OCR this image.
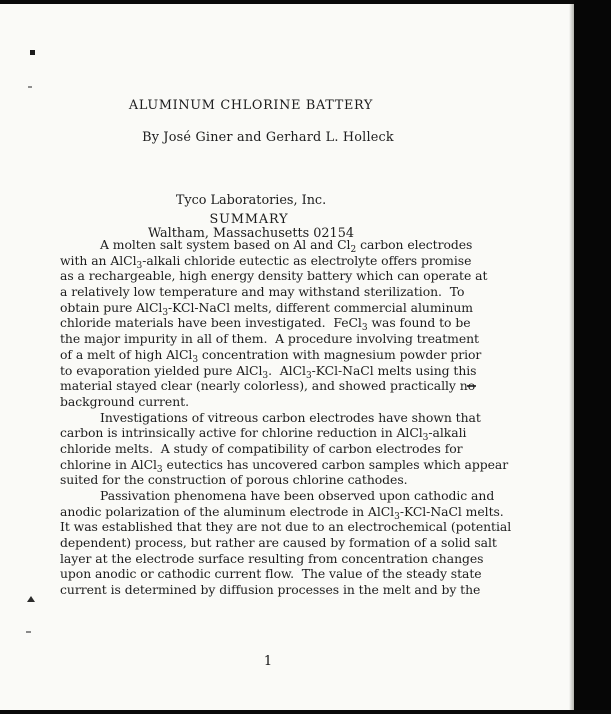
ALUMINUM CHLORINE BATTERY
By José Giner and Gerhard L. Holleck

Tyco Laboratories, Inc.

Waltham, Massachusetts 02154

SUMMARY
A molten salt system based on Al and $Cl_2$ carbon electrodes
with an AlCl$_3$-alkali chloride eutectic as electrolyte offers promise
as a rechargeable, high energy density battery which can operate at
a relatively low temperature and may withstand sterilization.  To
obtain pure AlCl$_3$-KCl-NaCl melts, different commercial aluminum
chloride materials have been investigated.  FeCl$_3$ was found to be
the major impurity in all of them.  A procedure involving treatment
of a melt of high AlCl$_3$ concentration with magnesium powder prior
to evaporation yielded pure AlCl$_3$.  AlCl$_3$-KCl-NaCl melts using this
material stayed clear (nearly colorless), and showed practically no
background current.
Investigations of vitreous carbon electrodes have shown that
carbon is intrinsically active for chlorine reduction in AlCl$_3$-alkali
chloride melts.  A study of compatibility of carbon electrodes for
chlorine in AlCl$_3$ eutectics has uncovered carbon samples which appear
suited for the construction of porous chlorine cathodes.
Passivation phenomena have been observed upon cathodic and
anodic polarization of the aluminum electrode in AlCl$_3$-KCl-NaCl melts.
It was established that they are not due to an electrochemical (potential
dependent) process, but rather are caused by formation of a solid salt
layer at the electrode surface resulting from concentration changes
upon anodic or cathodic current flow.  The value of the steady state
current is determined by diffusion processes in the melt and by the
1
